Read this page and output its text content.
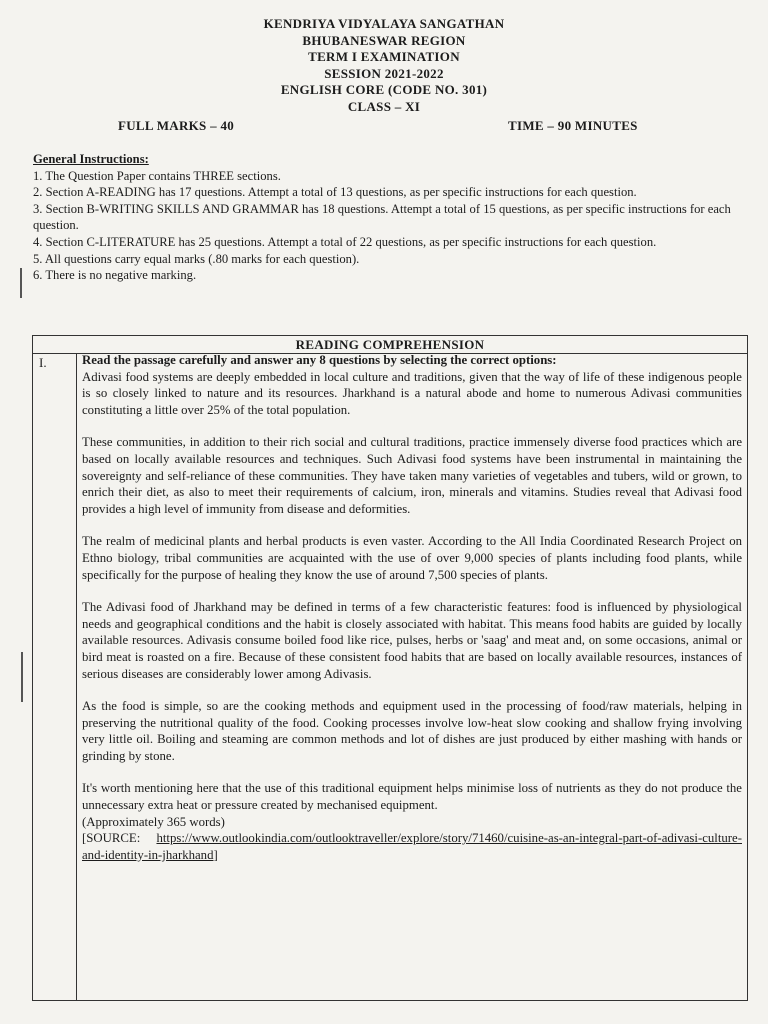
KENDRIYA VIDYALAYA SANGATHAN
BHUBANESWAR REGION
TERM I EXAMINATION
SESSION 2021-2022
ENGLISH CORE (CODE NO. 301)
CLASS – XI
FULL MARKS – 40	TIME – 90 MINUTES

General Instructions:

1. The Question Paper contains THREE sections.

2. Section A-READING has 17 questions. Attempt a total of 13 questions, as per specific instructions for each question.

3. Section B-WRITING SKILLS AND GRAMMAR has 18 questions. Attempt a total of 15 questions, as per specific instructions for each question.

4. Section C-LITERATURE has 25 questions. Attempt a total of 22 questions, as per specific instructions for each question.

5. All questions carry equal marks (.80 marks for each question).

6. There is no negative marking.

READING COMPREHENSION
I.	Read the passage carefully and answer any 8 questions by selecting the correct options:

Adivasi food systems are deeply embedded in local culture and traditions, given that the way of life of these indigenous people is so closely linked to nature and its resources. Jharkhand is a natural abode and home to numerous Adivasi communities constituting a little over 25% of the total population.

These communities, in addition to their rich social and cultural traditions, practice immensely diverse food practices which are based on locally available resources and techniques. Such Adivasi food systems have been instrumental in maintaining the sovereignty and self-reliance of these communities. They have taken many varieties of vegetables and tubers, wild or grown, to enrich their diet, as also to meet their requirements of calcium, iron, minerals and vitamins. Studies reveal that Adivasi food provides a high level of immunity from disease and deformities.

The realm of medicinal plants and herbal products is even vaster. According to the All India Coordinated Research Project on Ethno biology, tribal communities are acquainted with the use of over 9,000 species of plants including food plants, while specifically for the purpose of healing they know the use of around 7,500 species of plants.

The Adivasi food of Jharkhand may be defined in terms of a few characteristic features: food is influenced by physiological needs and geographical conditions and the habit is closely associated with habitat. This means food habits are guided by locally available resources. Adivasis consume boiled food like rice, pulses, herbs or 'saag' and meat and, on some occasions, animal or bird meat is roasted on a fire. Because of these consistent food habits that are based on locally available resources, instances of serious diseases are considerably lower among Adivasis.

As the food is simple, so are the cooking methods and equipment used in the processing of food/raw materials, helping in preserving the nutritional quality of the food. Cooking processes involve low-heat slow cooking and shallow frying involving very little oil. Boiling and steaming are common methods and lot of dishes are just produced by either mashing with hands or grinding by stone.

It's worth mentioning here that the use of this traditional equipment helps minimise loss of nutrients as they do not produce the unnecessary extra heat or pressure created by mechanised equipment.

(Approximately 365 words)

[SOURCE: https://www.outlookindia.com/outlooktraveller/explore/story/71460/cuisine-as-an-integral-part-of-adivasi-culture-and-identity-in-jharkhand]
